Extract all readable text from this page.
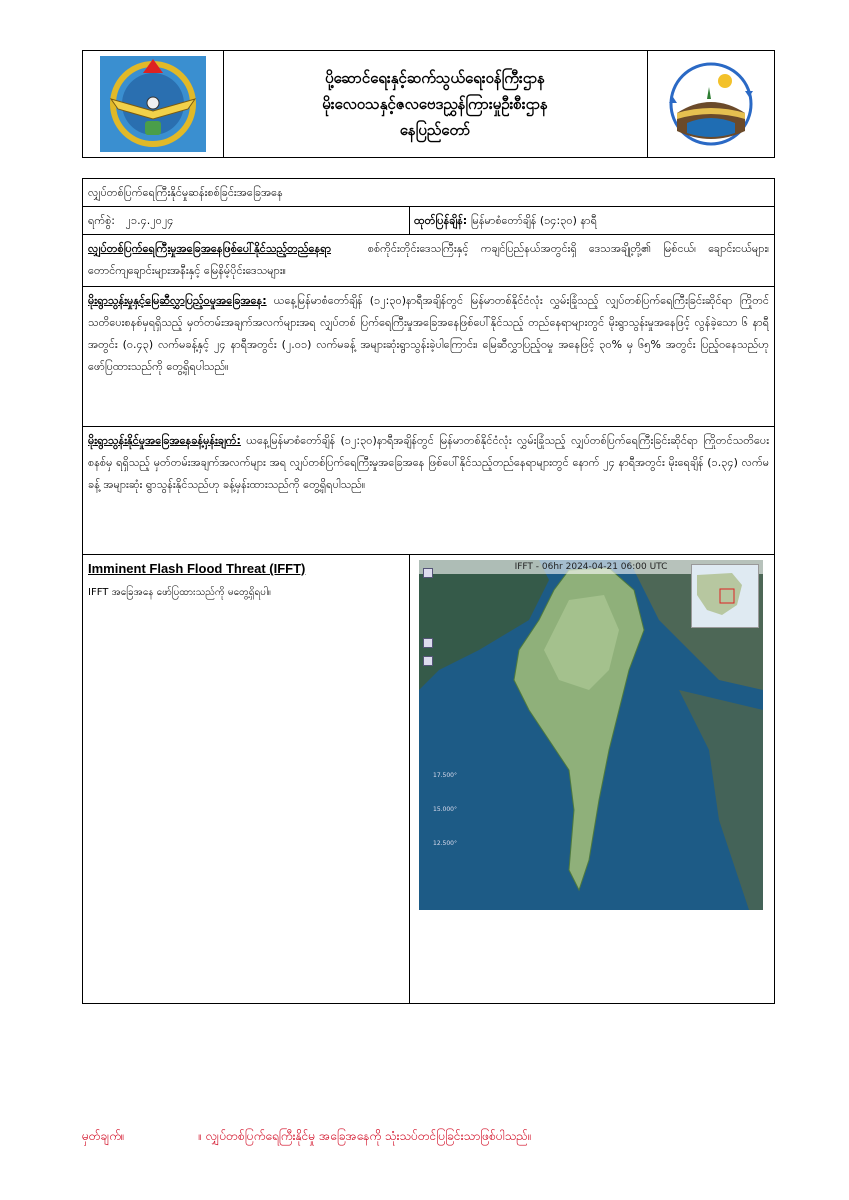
ပို့ဆောင်ရေးနှင့်ဆက်သွယ်ရေးဝန်ကြီးဌာန
မိုးလေဝသနှင့်ဇလဗေဒညွှန်ကြားမှုဦးစီးဌာန
နေပြည်တော်
လျှပ်တစ်ပြက်ရေကြီးနိုင်မှုဆန်းစစ်ခြင်းအခြေအနေ
ရက်စွဲ: ၂၁.၄.၂၀၂၄	ထုတ်ပြန်ချိန်: မြန်မာစံတော်ချိန် (၁၄:၃၀) နာရီ
လျှပ်တစ်ပြက်ရေကြီးမှုအခြေအနေဖြစ်ပေါ်နိုင်သည့်တည်နေရာ	စစ်ကိုင်းတိုင်းဒေသကြီးနှင့် ကချင်ပြည်နယ်အတွင်းရှိ ဒေသအချို့တို့၏ မြစ်ငယ်၊ ချောင်းငယ်များ၊ တောင်ကျချောင်းများအနီးနှင့် မြေနိမ့်ပိုင်းဒေသများ။
မိုးရွာသွန်းမှုနှင့်မြေဆီလွှာပြည့်ဝမှုအခြေအနေ: ယနေ့မြန်မာစံတော်ချိန် (၁၂:၃၀)နာရီအချိန်တွင် မြန်မာတစ်နိုင်ငံလုံး လွှမ်းခြုံသည့် လျှပ်တစ်ပြက်ရေကြီးခြင်းဆိုင်ရာ ကြိုတင်သတိပေးစနစ်မှရရှိသည့် မှတ်တမ်းအချက်အလက်များအရ လျှပ်တစ် ပြက်ရေကြီးမှုအခြေအနေဖြစ်ပေါ်နိုင်သည့် တည်နေရာများတွင် မိုးရွာသွန်းမှုအနေဖြင့် လွန်ခဲ့သော ၆ နာရီ အတွင်း (၀.၄၃) လက်မခန့်နှင့် ၂၄ နာရီအတွင်း (၂.၀၁) လက်မခန့် အများဆုံးရွာသွန်းခဲ့ပါကြောင်း၊ မြေဆီလွှာပြည့်ဝမှု အနေဖြင့် ၃၀% မှ ၆၅% အတွင်း ပြည့်ဝနေသည်ဟု ဖော်ပြထားသည်ကို တွေ့ရှိရပါသည်။
မိုးရွာသွန်းနိုင်မှုအခြေအနေခန့်မှန်းချက်: ယနေ့မြန်မာစံတော်ချိန် (၁၂:၃၀)နာရီအချိန်တွင် မြန်မာတစ်နိုင်ငံလုံး လွှမ်းခြုံသည့် လျှပ်တစ်ပြက်ရေကြီးခြင်းဆိုင်ရာ ကြိုတင်သတိပေးစနစ်မှ ရရှိသည့် မှတ်တမ်းအချက်အလက်များ အရ လျှပ်တစ်ပြက်ရေကြီးမှုအခြေအနေ ဖြစ်ပေါ်နိုင်သည့်တည်နေရာများတွင် နောက် ၂၄ နာရီအတွင်း မိုးရေချိန် (၁.၃၄) လက်မခန့် အများဆုံး ရွာသွန်းနိုင်သည်ဟု ခန့်မှန်းထားသည်ကို တွေ့ရှိရပါသည်။
Imminent Flash Flood Threat (IFFT)
IFFT အခြေအနေ ဖော်ပြထားသည်ကို မတွေ့ရှိရပါ။
IFFT - 06hr 2024-04-21 06:00 UTC
17.500°
15.000°
12.500°
မှတ်ချက်။	။ လျှပ်တစ်ပြက်ရေကြီးနိုင်မှု အခြေအနေကို သုံးသပ်တင်ပြခြင်းသာဖြစ်ပါသည်။
